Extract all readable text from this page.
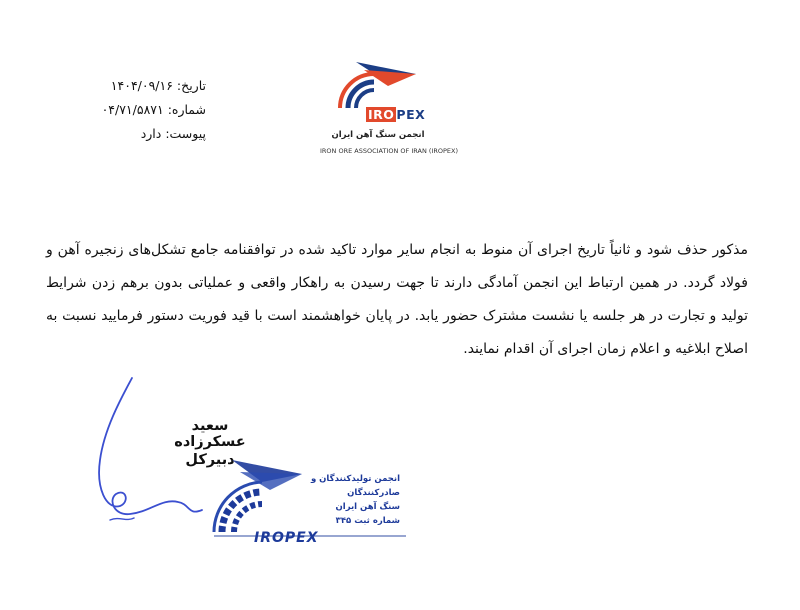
تاریخ: ۱۴۰۴/۰۹/۱۶
شماره: ۰۴/۷۱/۵۸۷۱
پیوست: دارد
IRO PEX
انجمن سنگ آهن ایران
IRON ORE ASSOCIATION OF IRAN (IROPEX)
مذکور حذف شود و ثانیاً تاریخ اجرای آن منوط به انجام سایر موارد تاکید شده در توافقنامه جامع تشکل‌های زنجیره آهن و فولاد گردد. در همین ارتباط این انجمن آمادگی دارند تا جهت رسیدن به راهکار واقعی و عملیاتی بدون برهم زدن شرایط تولید و تجارت در هر جلسه یا نشست مشترک حضور یابد. در پایان خواهشمند است با قید فوریت دستور فرمایید نسبت به اصلاح ابلاغیه و اعلام زمان اجرای آن اقدام نمایند.
سعید عسکرزاده
دبیرکل
انجمن تولیدکنندگان و صادرکنندگان
سنگ آهن ایران
شماره ثبت ۳۴۵
IROPEX
